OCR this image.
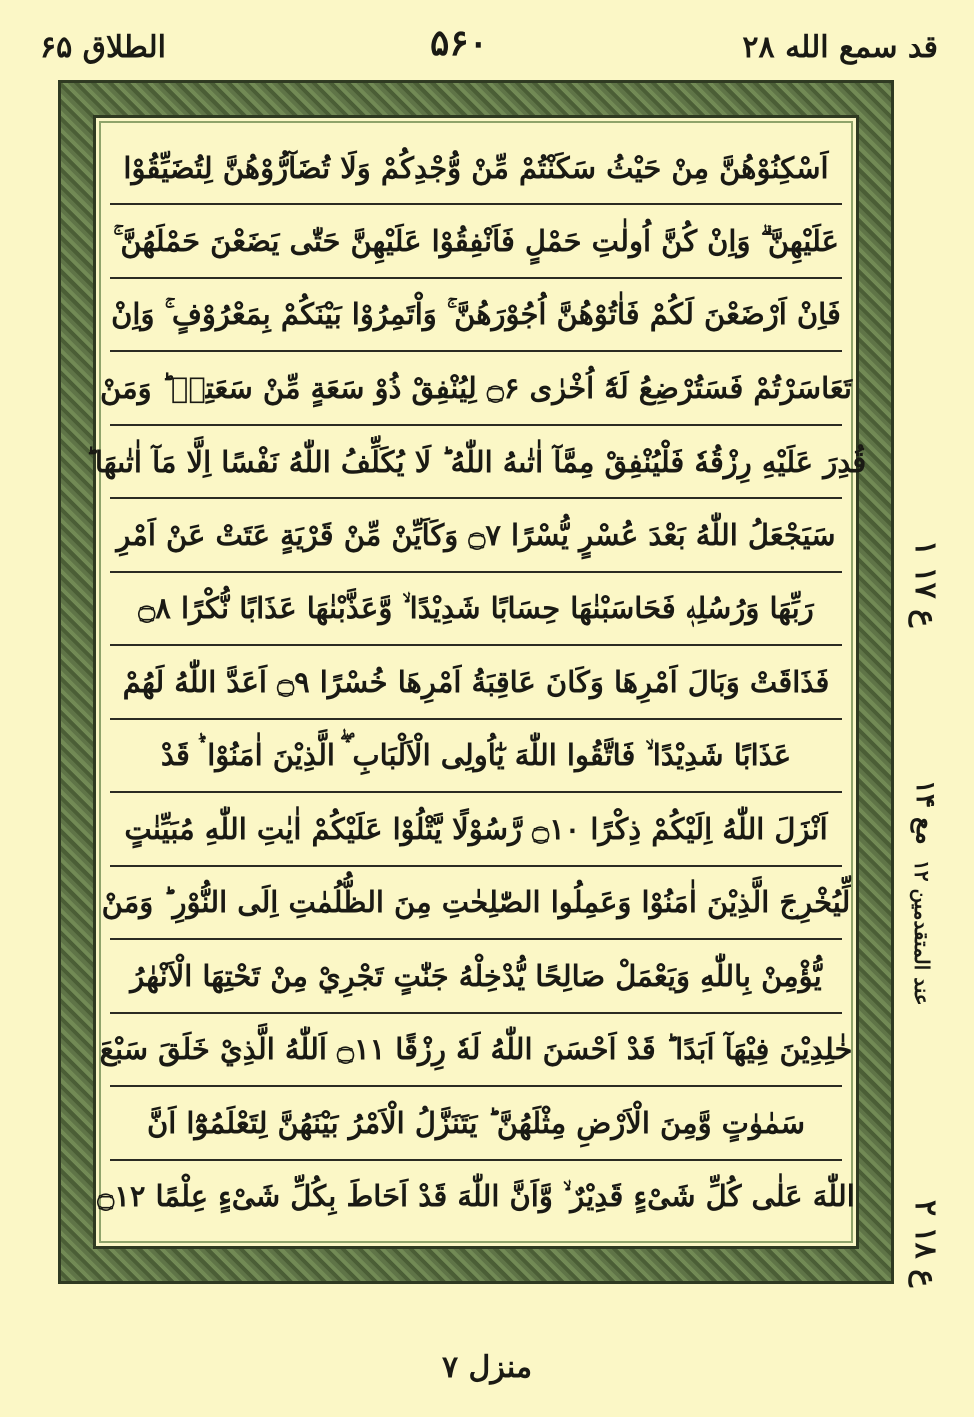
الطلاق ۶۵	۵۶۰	قد سمع الله ۲۸
اَسْكِنُوْهُنَّ مِنْ حَيْثُ سَكَنْتُمْ مِّنْ وُّجْدِكُمْ وَلَا تُضَآرُّوْهُنَّ لِتُضَيِّقُوْا
عَلَيْهِنَّ ۗ وَاِنْ كُنَّ اُولٰتِ حَمْلٍ فَاَنْفِقُوْا عَلَيْهِنَّ حَتّٰى يَضَعْنَ حَمْلَهُنَّ ۚ
فَاِنْ اَرْضَعْنَ لَكُمْ فَاٰتُوْهُنَّ اُجُوْرَهُنَّ ۚ وَاْتَمِرُوْا بَيْنَكُمْ بِمَعْرُوْفٍ ۚ وَاِنْ
تَعَاسَرْتُمْ فَسَتُرْضِعُ لَهٗٓ اُخْرٰى ۝۶ لِيُنْفِقْ ذُوْ سَعَةٍ مِّنْ سَعَتِهٖ ؕ وَمَنْ
قُدِرَ عَلَيْهِ رِزْقُهٗ فَلْيُنْفِقْ مِمَّآ اٰتٰىهُ اللّٰهُ ؕ لَا يُكَلِّفُ اللّٰهُ نَفْسًا اِلَّا مَآ اٰتٰىهَا ؕ
سَيَجْعَلُ اللّٰهُ بَعْدَ عُسْرٍ يُّسْرًا ۝۷ وَكَاَيِّنْ مِّنْ قَرْيَةٍ عَتَتْ عَنْ اَمْرِ
رَبِّهَا وَرُسُلِهٖ فَحَاسَبْنٰهَا حِسَابًا شَدِيْدًا ۙ وَّعَذَّبْنٰهَا عَذَابًا نُّكْرًا ۝۸
فَذَاقَتْ وَبَالَ اَمْرِهَا وَكَانَ عَاقِبَةُ اَمْرِهَا خُسْرًا ۝۹ اَعَدَّ اللّٰهُ لَهُمْ
عَذَابًا شَدِيْدًا ۙ فَاتَّقُوا اللّٰهَ يٰٓاُولِى الْاَلْبَابِ ۛۖ الَّذِيْنَ اٰمَنُوْا ۛؕ قَدْ
اَنْزَلَ اللّٰهُ اِلَيْكُمْ ذِكْرًا ۝۱۰ رَّسُوْلًا يَّتْلُوْا عَلَيْكُمْ اٰيٰتِ اللّٰهِ مُبَيِّنٰتٍ
لِّيُخْرِجَ الَّذِيْنَ اٰمَنُوْا وَعَمِلُوا الصّٰلِحٰتِ مِنَ الظُّلُمٰتِ اِلَى النُّوْرِ ؕ وَمَنْ
يُّؤْمِنْ بِاللّٰهِ وَيَعْمَلْ صَالِحًا يُّدْخِلْهُ جَنّٰتٍ تَجْرِيْ مِنْ تَحْتِهَا الْاَنْهٰرُ
خٰلِدِيْنَ فِيْهَآ اَبَدًا ؕ قَدْ اَحْسَنَ اللّٰهُ لَهٗ رِزْقًا ۝۱۱ اَللّٰهُ الَّذِيْ خَلَقَ سَبْعَ
سَمٰوٰتٍ وَّمِنَ الْاَرْضِ مِثْلَهُنَّ ؕ يَتَنَزَّلُ الْاَمْرُ بَيْنَهُنَّ لِتَعْلَمُوْٓا اَنَّ
اللّٰهَ عَلٰى كُلِّ شَىْءٍ قَدِيْرٌ ۙ وَّاَنَّ اللّٰهَ قَدْ اَحَاطَ بِكُلِّ شَىْءٍ عِلْمًا ۝۱۲
۱ ع ۱۷
مع ۱۴
عند المتقدمین ۱۲
۲ ع ۱۸
منزل ۷
